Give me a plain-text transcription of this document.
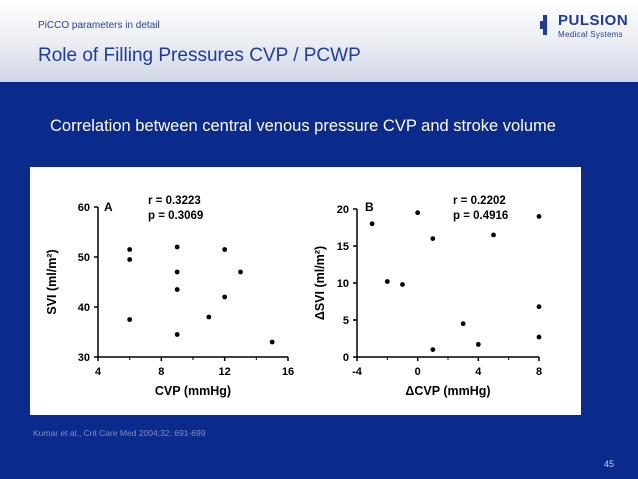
PiCCO parameters in detail
Role of Filling Pressures CVP / PCWP
PULSION
Medical Systems
Correlation between central venous pressure CVP and stroke volume
30
40
50
60
4	8	12	16
CVP (mmHg)
SVI (ml/m²)
A	r = 0.3223
p = 0.3069
0
5
10
15
20
-4	0	4	8
ΔCVP (mmHg)
ΔSVI (ml/m²)
B	r = 0.2202
p = 0.4916
Kumar et al., Crit Care Med 2004;32: 691-699
45
